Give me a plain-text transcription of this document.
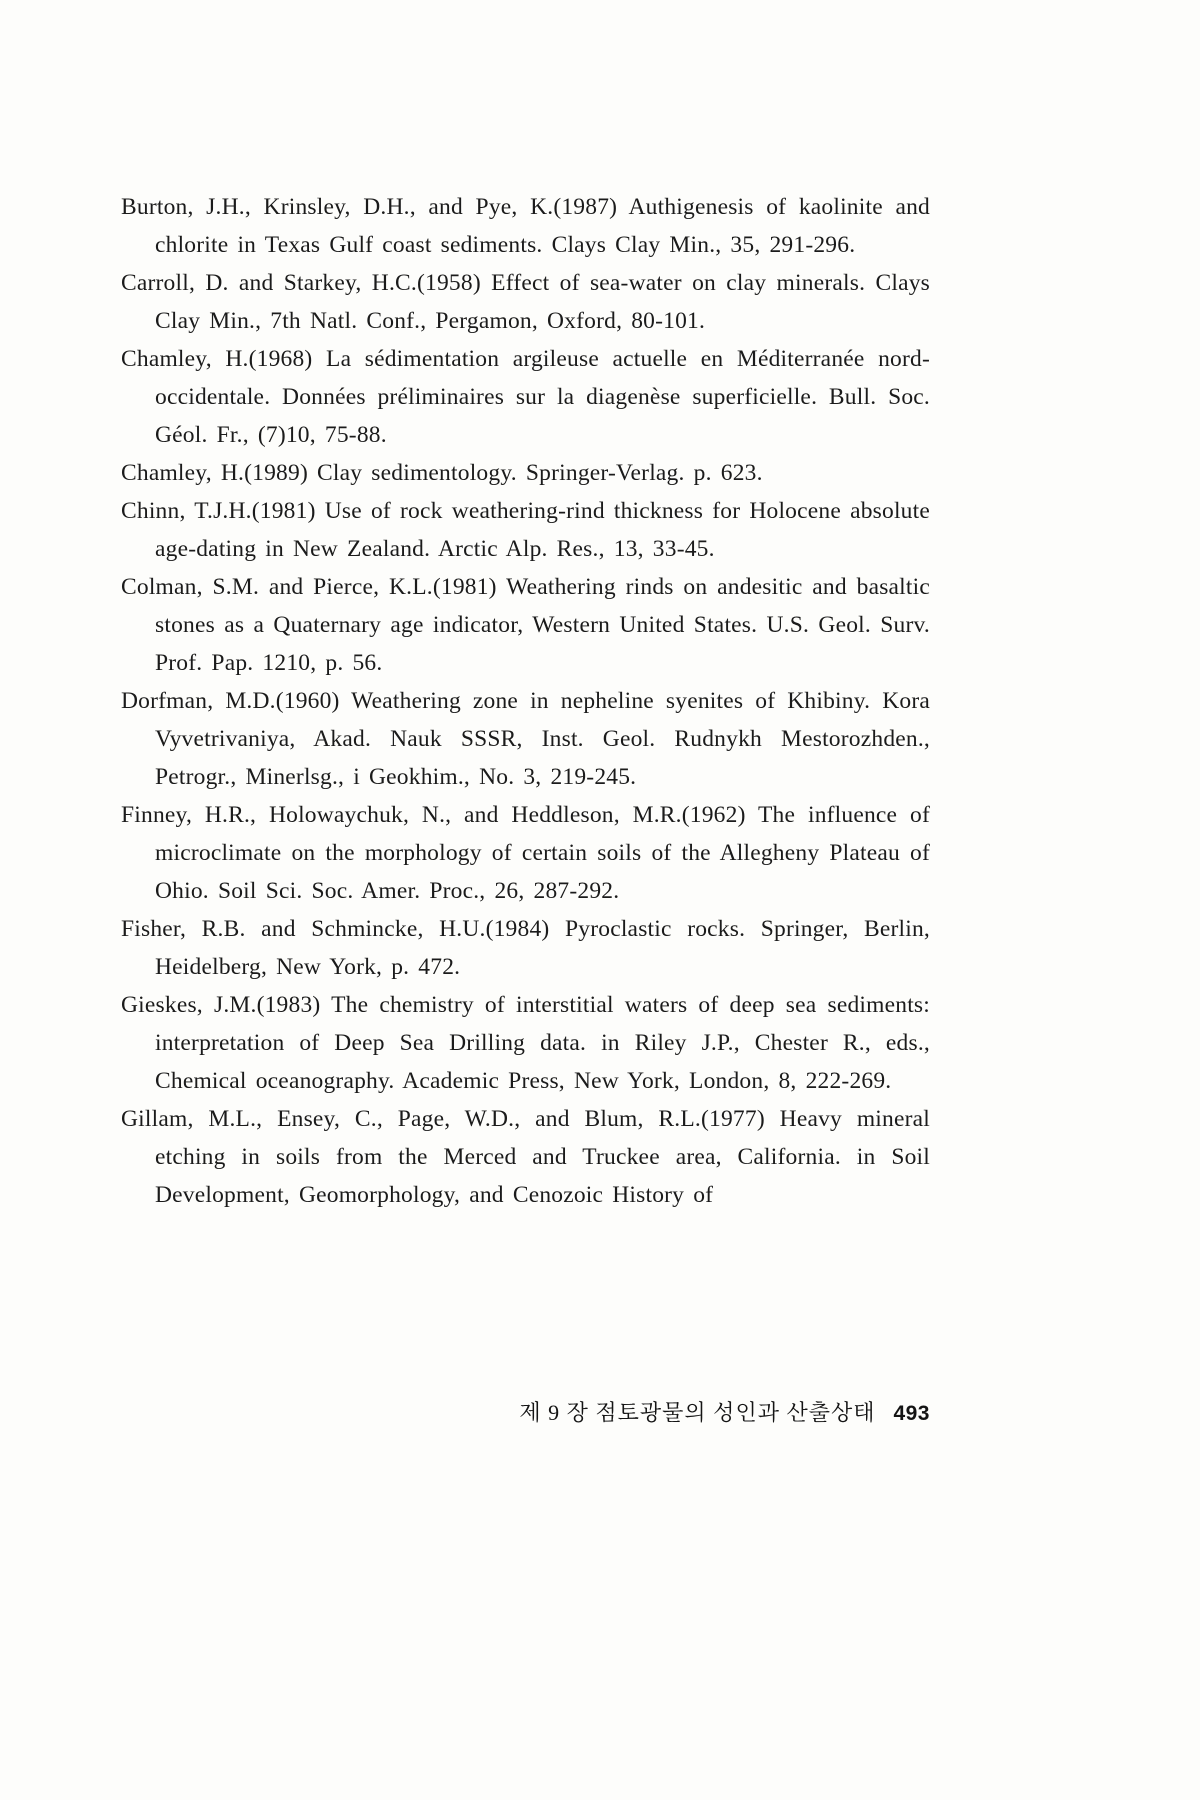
Burton, J.H., Krinsley, D.H., and Pye, K.(1987) Authigenesis of kaolinite and chlorite in Texas Gulf coast sediments. Clays Clay Min., 35, 291-296.

Carroll, D. and Starkey, H.C.(1958) Effect of sea-water on clay minerals. Clays Clay Min., 7th Natl. Conf., Pergamon, Oxford, 80-101.

Chamley, H.(1968) La sédimentation argileuse actuelle en Méditerranée nord-occidentale. Données préliminaires sur la diagenèse superficielle. Bull. Soc. Géol. Fr., (7)10, 75-88.

Chamley, H.(1989) Clay sedimentology. Springer-Verlag. p. 623.

Chinn, T.J.H.(1981) Use of rock weathering-rind thickness for Holocene absolute age-dating in New Zealand. Arctic Alp. Res., 13, 33-45.

Colman, S.M. and Pierce, K.L.(1981) Weathering rinds on andesitic and basaltic stones as a Quaternary age indicator, Western United States. U.S. Geol. Surv. Prof. Pap. 1210, p. 56.

Dorfman, M.D.(1960) Weathering zone in nepheline syenites of Khibiny. Kora Vyvetrivaniya, Akad. Nauk SSSR, Inst. Geol. Rudnykh Mestorozhden., Petrogr., Minerlsg., i Geokhim., No. 3, 219-245.

Finney, H.R., Holowaychuk, N., and Heddleson, M.R.(1962) The influence of microclimate on the morphology of certain soils of the Allegheny Plateau of Ohio. Soil Sci. Soc. Amer. Proc., 26, 287-292.

Fisher, R.B. and Schmincke, H.U.(1984) Pyroclastic rocks. Springer, Berlin, Heidelberg, New York, p. 472.

Gieskes, J.M.(1983) The chemistry of interstitial waters of deep sea sediments: interpretation of Deep Sea Drilling data. in Riley J.P., Chester R., eds., Chemical oceanography. Academic Press, New York, London, 8, 222-269.

Gillam, M.L., Ensey, C., Page, W.D., and Blum, R.L.(1977) Heavy mineral etching in soils from the Merced and Truckee area, California. in Soil Development, Geomorphology, and Cenozoic History of

제 9 장 점토광물의 성인과 산출상태 493
